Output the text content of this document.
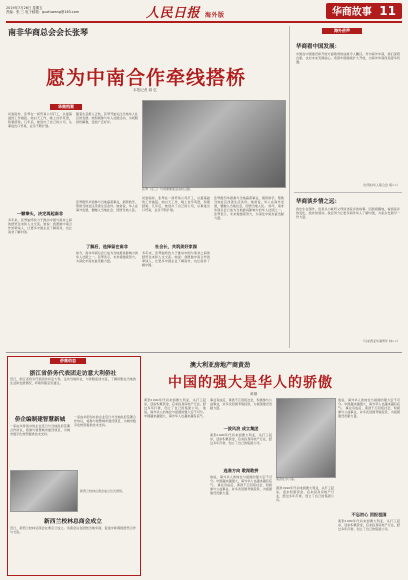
2019年7月26日 星期五
责编：张 三 电子邮箱：guofuwang@163.com	人民日报 海外版	华商故事 11
南非华商总会会长张琴
愿为中南合作牵线搭桥
本报记者 翁 忆
张琴（左三）与同事参加活动时合影。
华商档案
初到南非，张琴在一间贸易公司打工，从最基础的工作做起。她白天工作，晚上自学英语，积累经验。几年后，她创办了自己的公司，从事进出口贸易，业务不断扩展。
随着生意渐入正轨，张琴开始关注当地华人社区的发展。她积极参与华人社团活动，为同胞排忧解难，受到广泛好评。
一颗拳头，决定再起南非
多年来，张琴始终致力于推动中国与南非之间的经贸往来和人文交流。她说：我愿做中南合作的牵线人，让更多中国企业了解南非，也让南非了解中国。
张琴组织华商参与当地慈善事业，捐资助学，帮助当地社区改善生活条件。她常说，华人在海外发展，要融入当地社会，回馈当地人民。
了解后，选择留在南非
如今，南非华商总会已成为当地最具影响力的华人社团之一。张琴表示，未来将继续努力，为深化中南友谊贡献力量。
初到南非，张琴在一间贸易公司打工，从最基础的工作做起。她白天工作，晚上自学英语，积累经验。几年后，她创办了自己的公司，从事进出口贸易，业务不断扩展。
社会长，共筑美好家园
多年来，张琴始终致力于推动中国与南非之间的经贸往来和人文交流。她说：我愿做中南合作的牵线人，让更多中国企业了解南非，也让南非了解中国。
张琴组织华商参与当地慈善事业，捐资助学，帮助当地社区改善生活条件。她常说，华人在海外发展，要融入当地社会，回馈当地人民。 如今，南非华商总会已成为当地最具影响力的华人社团之一。张琴表示，未来将继续努力，为深化中南友谊贡献力量。
海外侨声
华商看中国发展：
中国在中国建设和开放方面取得的成就令人瞩目。作为海外华商，我们深感自豪，也对未来充满信心。希望中国继续扩大开放，为海外华商创造更多机遇。
（比利时华人联合会 胡××）
华商谈乡情之远：
我出生在国外，但是从小就听父母讲述家乡的故事。回到祖籍地，看到家乡的变化，我非常感动。我会努力让更多海外华人了解中国，为家乡发展尽一份力量。
（马来西亚华裔青年 林××）
侨商动态
浙江省侨务代表团走访意大利侨社
近日，浙江省侨务代表团访问意大利，走访当地侨社，与侨胞座谈交流，了解侨胞在当地的生活和发展情况，听取侨胞意见建议。
侨企编制建智慧新城
一家由华侨创办的企业近日与当地政府签署合作协议，将参与智慧城市建设项目，为城市数字化转型提供技术支持。
一家由华侨创办的企业近日与当地政府签署合作协议，将参与智慧城市建设项目，为城市数字化转型提供技术支持。
新西兰校林总商会成立仪式现场。
新西兰校林总商会成立
近日，新西兰校林总商会在奥克兰成立。该商会旨在团结当地华商，促进中新两国经贸合作与交流。
澳大利亚房地产商黄劲
中国的强大是华人的骄傲
黄顺
黄劲1990年代初来到澳大利亚，从打工起步，逐步积累资金，后来投身房地产行业，经过多年打拼，创立了自己的集团公司。 他说，海外华人的地位与祖国的强大密不可分。中国越来越强大，海外华人也越来越有底气。
事业有成后，黄劲不忘回报社会，积极参与公益事业，并多次回国考察投资，为祖国建设贡献力量。
一波风浪 成立集团
黄劲1990年代初来到澳大利亚，从打工起步，逐步积累资金，后来投身房地产行业，经过多年打拼，创立了自己的集团公司。
选准方向 敢闯敢拼
他说，海外华人的地位与祖国的强大密不可分。中国越来越强大，海外华人也越来越有底气。 事业有成后，黄劲不忘回报社会，积极参与公益事业，并多次回国考察投资，为祖国建设贡献力量。
黄劲在办公室。
黄劲1990年代初来到澳大利亚，从打工起步，逐步积累资金，后来投身房地产行业，经过多年打拼，创立了自己的集团公司。
他说，海外华人的地位与祖国的强大密不可分。中国越来越强大，海外华人也越来越有底气。 事业有成后，黄劲不忘回报社会，积极参与公益事业，并多次回国考察投资，为祖国建设贡献力量。
不忘初心 回报祖国
黄劲1990年代初来到澳大利亚，从打工起步，逐步积累资金，后来投身房地产行业，经过多年打拼，创立了自己的集团公司。
